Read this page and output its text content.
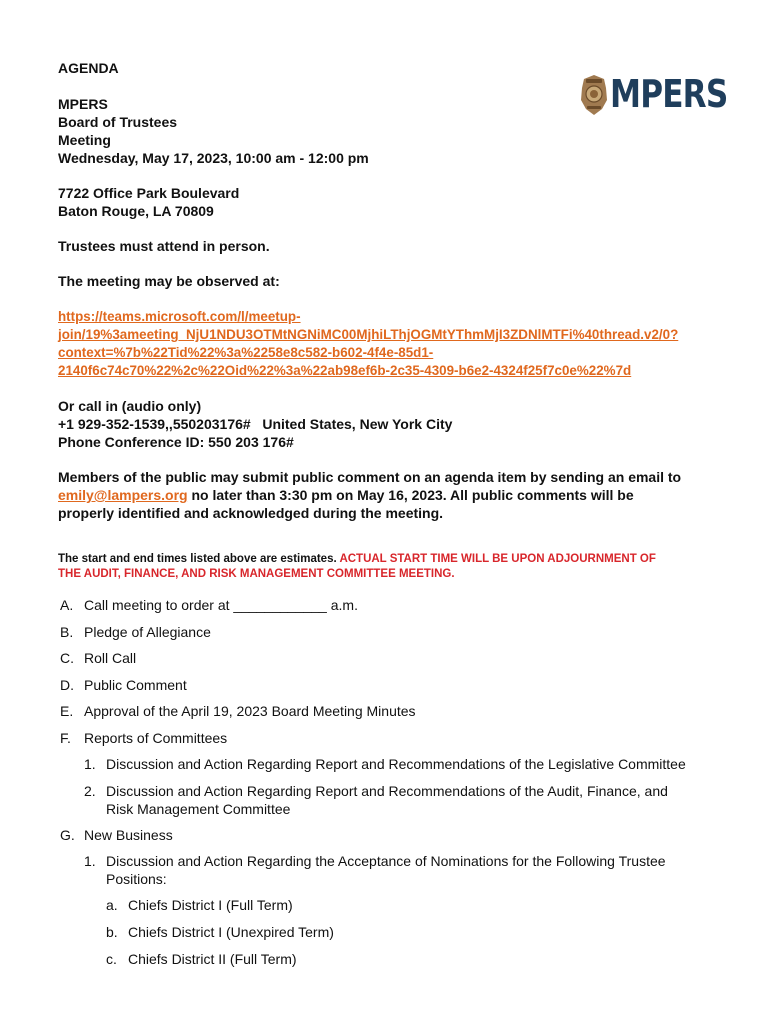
MPERS
AGENDA
MPERS
Board of Trustees
Meeting
Wednesday, May 17, 2023, 10:00 am - 12:00 pm
7722 Office Park Boulevard
Baton Rouge, LA 70809
Trustees must attend in person.
The meeting may be observed at:
https://teams.microsoft.com/l/meetup-
join/19%3ameeting_NjU1NDU3OTMtNGNiMC00MjhiLThjOGMtYThmMjI3ZDNlMTFi%40thread.v2/0?
context=%7b%22Tid%22%3a%2258e8c582-b602-4f4e-85d1-
2140f6c74c70%22%2c%22Oid%22%3a%22ab98ef6b-2c35-4309-b6e2-4324f25f7c0e%22%7d
Or call in (audio only)
+1 929-352-1539,,550203176#   United States, New York City
Phone Conference ID: 550 203 176#
Members of the public may submit public comment on an agenda item by sending an email to
emily@lampers.org no later than 3:30 pm on May 16, 2023. All public comments will be
properly identified and acknowledged during the meeting.
The start and end times listed above are estimates. ACTUAL START TIME WILL BE UPON ADJOURNMENT OF
THE AUDIT, FINANCE, AND RISK MANAGEMENT COMMITTEE MEETING.
A. Call meeting to order at ____________ a.m.
B. Pledge of Allegiance
C. Roll Call
D. Public Comment
E. Approval of the April 19, 2023 Board Meeting Minutes
F. Reports of Committees
1. Discussion and Action Regarding Report and Recommendations of the Legislative Committee
2. Discussion and Action Regarding Report and Recommendations of the Audit, Finance, and
Risk Management Committee
G. New Business
1. Discussion and Action Regarding the Acceptance of Nominations for the Following Trustee
Positions:
a. Chiefs District I (Full Term)
b. Chiefs District I (Unexpired Term)
c. Chiefs District II (Full Term)
